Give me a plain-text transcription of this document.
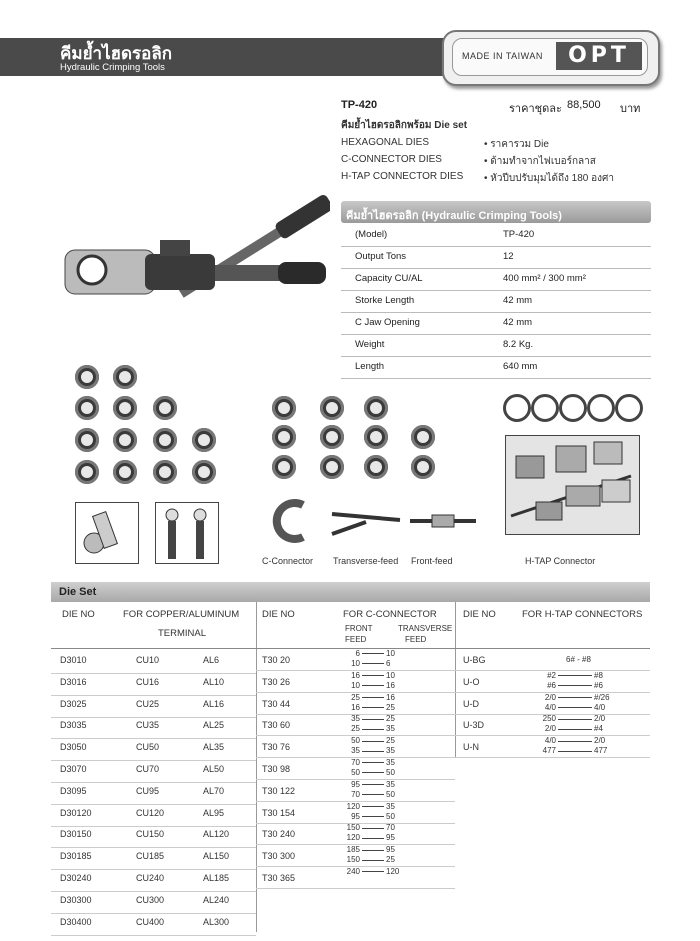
คีมย้ำไฮดรอลิก
Hydraulic Crimping Tools
MADE IN TAIWAN	OPT
TP-420	ราคาชุดละ 88,500 บาท
คีมย้ำไฮดรอลิกพร้อม Die set
HEXAGONAL DIES	• ราคารวม Die
C-CONNECTOR DIES	• ด้ามทำจากไฟเบอร์กลาส
H-TAP CONNECTOR DIES • หัวปีบปรับมุมได้ถึง 180 องศา
คีมย้ำไฮดรอลิก (Hydraulic Crimping Tools)
(Model)	TP-420
Output Tons	12
Capacity CU/AL	400 mm² / 300 mm²
Storke Length	42 mm
C Jaw Opening	42 mm
Weight	8.2 Kg.
Length	640 mm
C-Connector Transverse-feed Front-feed	H-TAP Connector
Die Set
DIE NO	FOR COPPER/ALUMINUM
TERMINAL
DIE NO	FOR C-CONNECTOR
FRONT
FEED
TRANSVERSE
FEED
DIE NO	FOR H-TAP CONNECTORS
D3010	CU10	AL6
D3016	CU16	AL10
D3025	CU25	AL16
D3035	CU35	AL25
D3050	CU50	AL35
D3070	CU70	AL50
D3095	CU95	AL70
D30120	CU120	AL95
D30150	CU150	AL120
D30185	CU185	AL150
D30240	CU240	AL185
D30300	CU300	AL240
D30400	CU400	AL300
T30 20
6	10
10	6
T30 26
16	10
10	16
T30 44
25	16
16	25
T30 60
35	25
25	35
T30 76
50	25
35	35
T30 98
70	35
50	50
T30 122
95	35
70	50
T30 154
120	35
95	50
T30 240
150	70
120	95
T30 300
185	95
150	25
T30 365
240	120
U-BG	6# - #8
U-O
#2	#8
#6	#6
U-D
2/0	#/26
4/0	4/0
U-3D
250	2/0
2/0	#4
U-N
4/0	2/0
477	477
